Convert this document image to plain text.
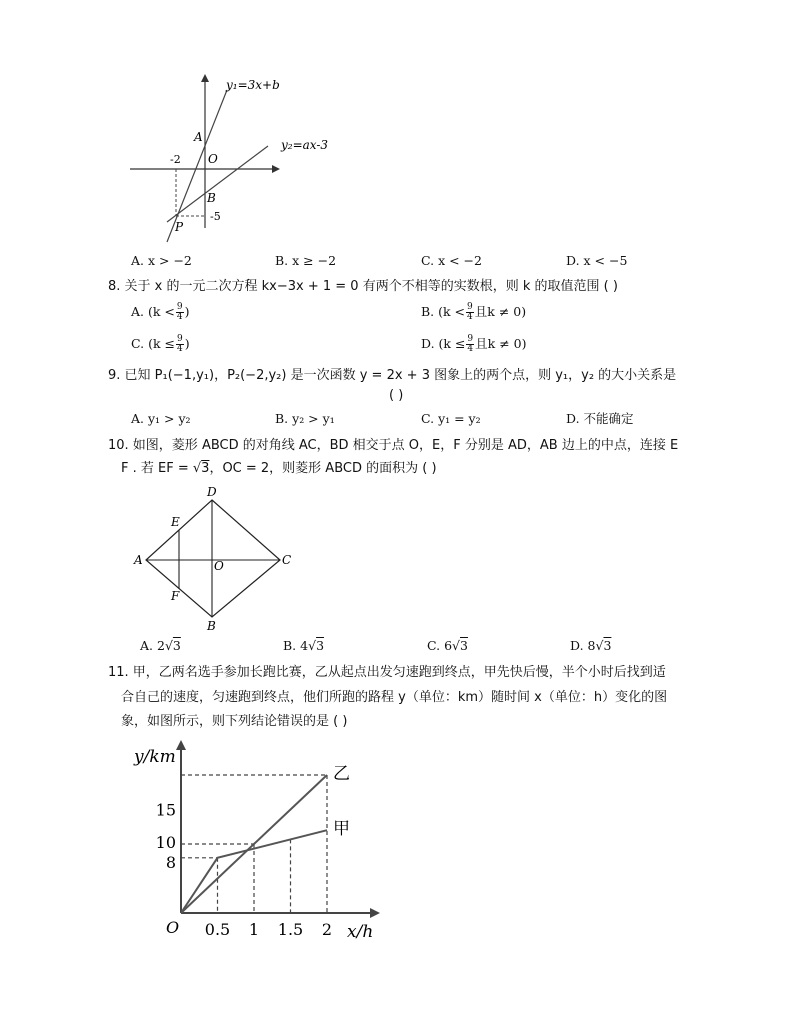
y₁=3x+b
y₂=ax-3
A
O
B
P
-2
-5
A. x > −2	B. x ≥ −2	C. x < −2	D. x < −5
8. 关于 x 的一元二次方程 kx−3x + 1 = 0 有两个不相等的实数根，则 k 的取值范围 ( )
A. ($k < \frac{9}{4}$ )	B. ($k < \frac{9}{4}$ 且k ≠ 0)
C. ($k \le \frac{9}{4}$ )	D. ($k \le \frac{9}{4}$ 且k ≠ 0)
9. 已知 P₁(−1,y₁)，P₂(−2,y₂) 是一次函数 y = 2x + 3 图象上的两个点，则 y₁，y₂ 的大小关系是
( )
A. y₁ > y₂	B. y₂ > y₁	C. y₁ = y₂	D. 不能确定
10. 如图，菱形 ABCD 的对角线 AC，BD 相交于点 O，E，F 分别是 AD，AB 边上的中点，连接 E
F . 若 EF = √3，OC = 2，则菱形 ABCD 的面积为 ( )
D
E
A	O	C
F
B
A. 2√3	B. 4√3	C. 6√3	D. 8√3
11. 甲，乙两名选手参加长跑比赛，乙从起点出发匀速跑到终点，甲先快后慢，半个小时后找到适
合自己的速度，匀速跑到终点，他们所跑的路程 y（单位：km）随时间 x（单位：h）变化的图
象，如图所示，则下列结论错误的是 ( )
乙
甲
0.5 1 1.5 2
8
10
15
y/km
x/h
O
